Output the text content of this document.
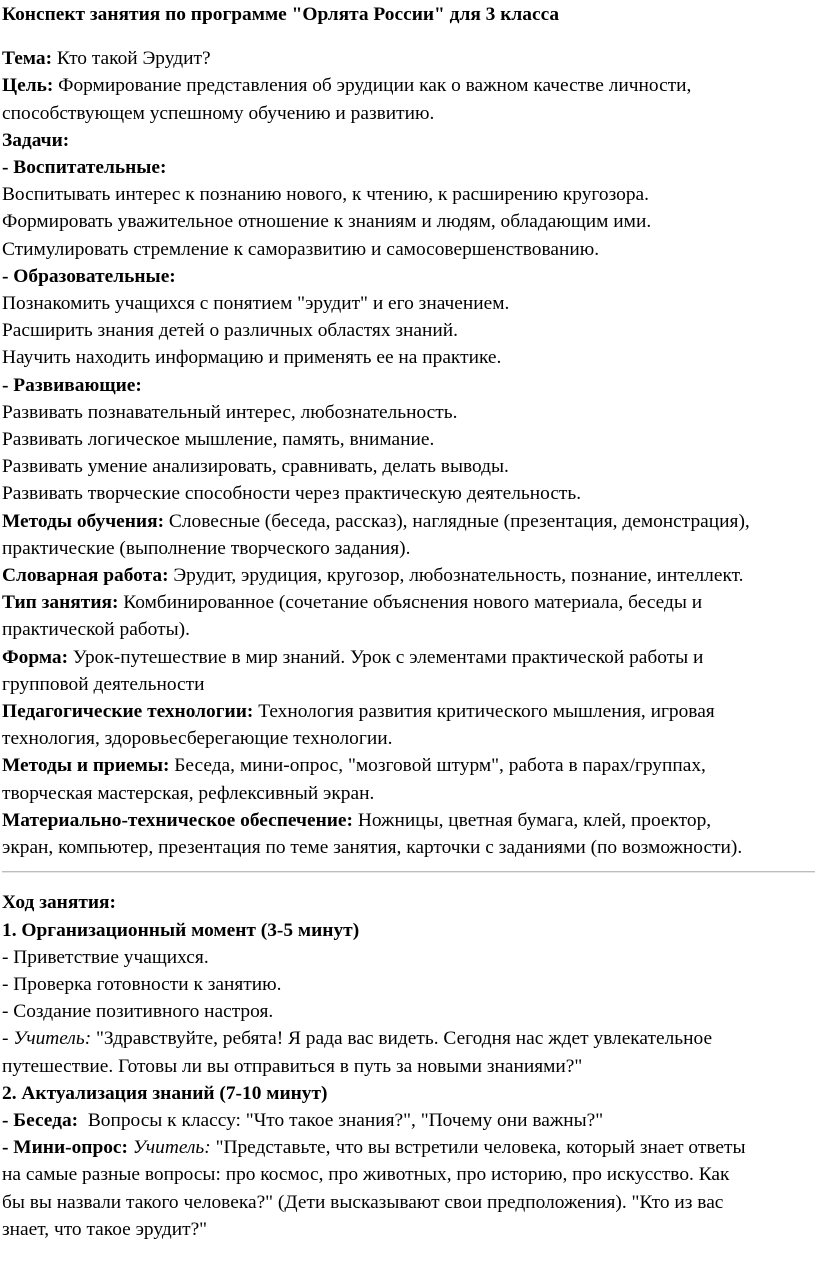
Конспект занятия по программе "Орлята России" для 3 класса
Тема: Кто такой Эрудит?
Цель: Формирование представления об эрудиции как о важном качестве личности,
способствующем успешному обучению и развитию.
Задачи:
- Воспитательные:
Воспитывать интерес к познанию нового, к чтению, к расширению кругозора.
Формировать уважительное отношение к знаниям и людям, обладающим ими.
Стимулировать стремление к саморазвитию и самосовершенствованию.
- Образовательные:
Познакомить учащихся с понятием "эрудит" и его значением.
Расширить знания детей о различных областях знаний.
Научить находить информацию и применять ее на практике.
- Развивающие:
Развивать познавательный интерес, любознательность.
Развивать логическое мышление, память, внимание.
Развивать умение анализировать, сравнивать, делать выводы.
Развивать творческие способности через практическую деятельность.
Методы обучения: Словесные (беседа, рассказ), наглядные (презентация, демонстрация),
практические (выполнение творческого задания).
Словарная работа: Эрудит, эрудиция, кругозор, любознательность, познание, интеллект.
Тип занятия: Комбинированное (сочетание объяснения нового материала, беседы и
практической работы).
Форма: Урок-путешествие в мир знаний. Урок с элементами практической работы и
групповой деятельности
Педагогические технологии: Технология развития критического мышления, игровая
технология, здоровьесберегающие технологии.
Методы и приемы: Беседа, мини-опрос, "мозговой штурм", работа в парах/группах,
творческая мастерская, рефлексивный экран.
Материально-техническое обеспечение: Ножницы, цветная бумага, клей, проектор,
экран, компьютер, презентация по теме занятия, карточки с заданиями (по возможности).
Ход занятия:
1. Организационный момент (3-5 минут)
- Приветствие учащихся.
- Проверка готовности к занятию.
- Создание позитивного настроя.
- Учитель: "Здравствуйте, ребята! Я рада вас видеть. Сегодня нас ждет увлекательное
путешествие. Готовы ли вы отправиться в путь за новыми знаниями?"
2. Актуализация знаний (7-10 минут)
- Беседа:  Вопросы к классу: "Что такое знания?", "Почему они важны?"
- Мини-опрос: Учитель: "Представьте, что вы встретили человека, который знает ответы
на самые разные вопросы: про космос, про животных, про историю, про искусство. Как
бы вы назвали такого человека?" (Дети высказывают свои предположения). "Кто из вас
знает, что такое эрудит?"
